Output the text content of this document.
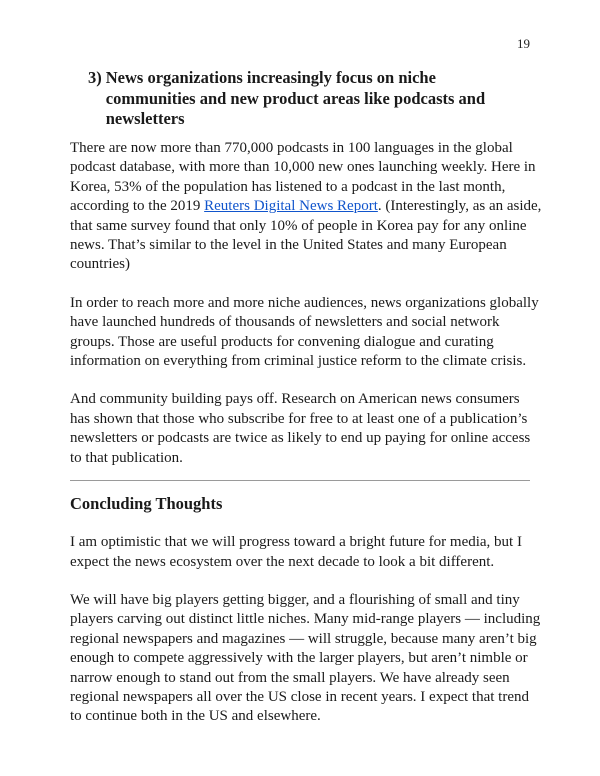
19
3) News organizations increasingly focus on niche communities and new product areas like podcasts and newsletters

There are now more than 770,000 podcasts in 100 languages in the global podcast database, with more than 10,000 new ones launching weekly. Here in Korea, 53% of the population has listened to a podcast in the last month, according to the 2019 Reuters Digital News Report. (Interestingly, as an aside, that same survey found that only 10% of people in Korea pay for any online news. That’s similar to the level in the United States and many European countries)

In order to reach more and more niche audiences, news organizations globally have launched hundreds of thousands of newsletters and social network groups. Those are useful products for convening dialogue and curating information on everything from criminal justice reform to the climate crisis.

And community building pays off. Research on American news consumers has shown that those who subscribe for free to at least one of a publication’s newsletters or podcasts are twice as likely to end up paying for online access to that publication.

Concluding Thoughts

I am optimistic that we will progress toward a bright future for media, but I expect the news ecosystem over the next decade to look a bit different.

We will have big players getting bigger, and a flourishing of small and tiny players carving out distinct little niches. Many mid-range players — including regional newspapers and magazines — will struggle, because many aren’t big enough to compete aggressively with the larger players, but aren’t nimble or narrow enough to stand out from the small players. We have already seen regional newspapers all over the US close in recent years. I expect that trend to continue both in the US and elsewhere.
